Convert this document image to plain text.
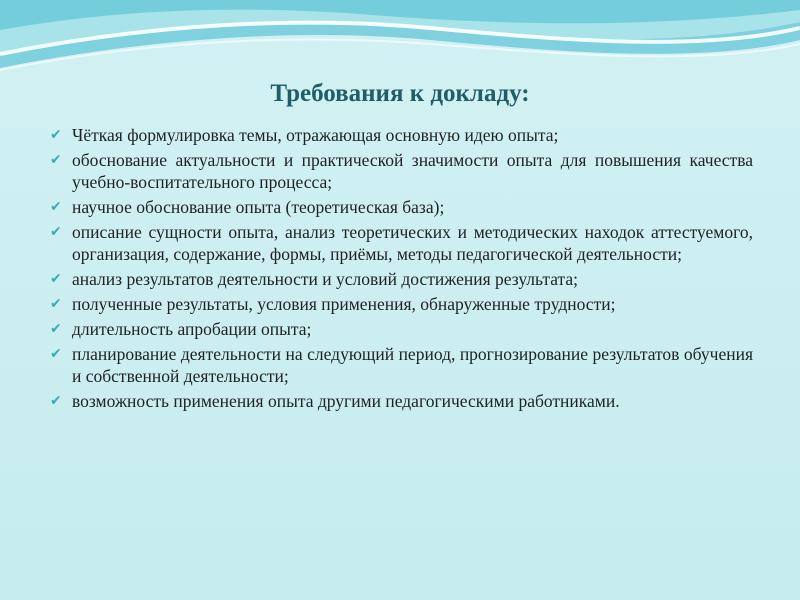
Требования к докладу:
✔ Чёткая формулировка темы, отражающая основную идею опыта;
✔ обоснование актуальности и практической значимости опыта для повышения качества учебно-воспитательного процесса;
✔ научное обоснование опыта (теоретическая база);
✔ описание сущности опыта, анализ теоретических и методических находок аттестуемого, организация, содержание, формы, приёмы, методы педагогической деятельности;
✔ анализ результатов деятельности и условий достижения результата;
✔ полученные результаты, условия применения, обнаруженные трудности;
✔ длительность апробации опыта;
✔ планирование деятельности на следующий период, прогнозирование результатов обучения и собственной деятельности;
✔ возможность применения опыта другими педагогическими работниками.
